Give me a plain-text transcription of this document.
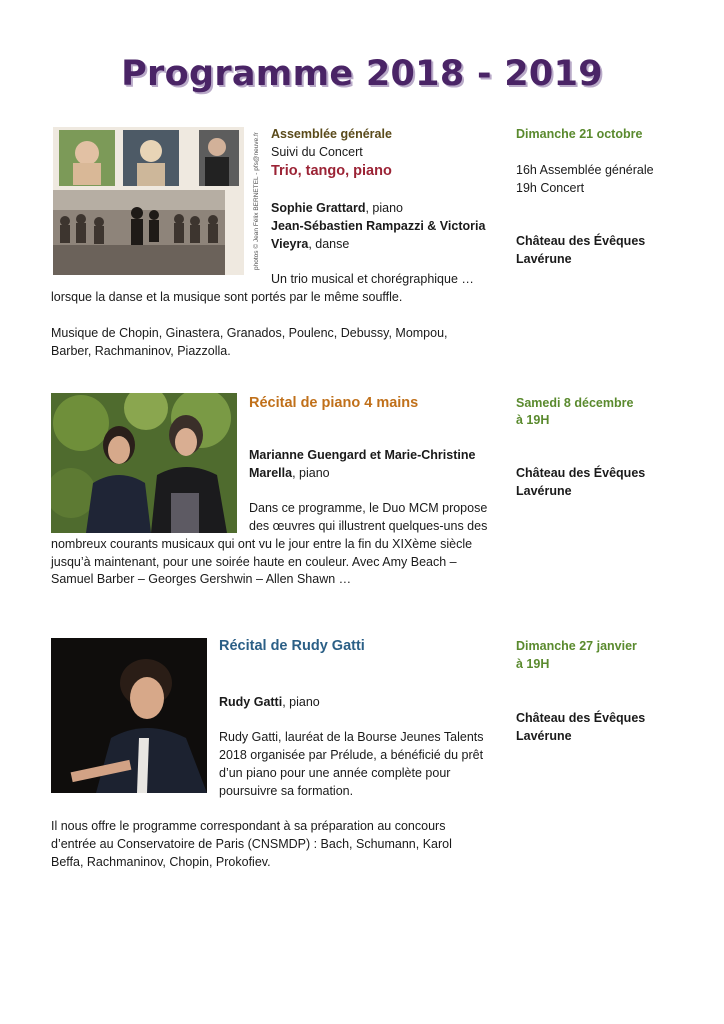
Programme 2018 - 2019
photos © Jean Félix BERNETEL - pfs@neuve.fr Assemblée générale
Suivi du Concert
Trio, tango, piano
Sophie Grattard, piano
Jean-Sébastien Rampazzi & Victoria
Vieyra, danse
Un trio musical et chorégraphique …
lorsque la danse et la musique sont portés par le même souffle.
Musique de Chopin, Ginastera, Granados, Poulenc, Debussy, Mompou,
Barber, Rachmaninov, Piazzolla.
Dimanche 21 octobre
16h Assemblée générale
19h Concert
Château des Évêques
Lavérune
Récital de piano 4 mains
Marianne Guengard et Marie-Christine
Marella, piano
Dans ce programme, le Duo MCM propose
des œuvres qui illustrent quelques-uns des
nombreux courants musicaux qui ont vu le jour entre la fin du XIXème siècle
jusqu’à maintenant, pour une soirée haute en couleur. Avec Amy Beach –
Samuel Barber – Georges Gershwin – Allen Shawn …
Samedi 8 décembre
à 19H
Château des Évêques
Lavérune
Récital de Rudy Gatti
Rudy Gatti, piano
Rudy Gatti, lauréat de la Bourse Jeunes Talents
2018 organisée par Prélude, a bénéficié du prêt
d’un piano pour une année complète pour
poursuivre sa formation.
Il nous offre le programme correspondant à sa préparation au concours
d’entrée au Conservatoire de Paris (CNSMDP) : Bach, Schumann, Karol
Beffa, Rachmaninov, Chopin, Prokofiev.
Dimanche 27 janvier
à 19H
Château des Évêques
Lavérune
